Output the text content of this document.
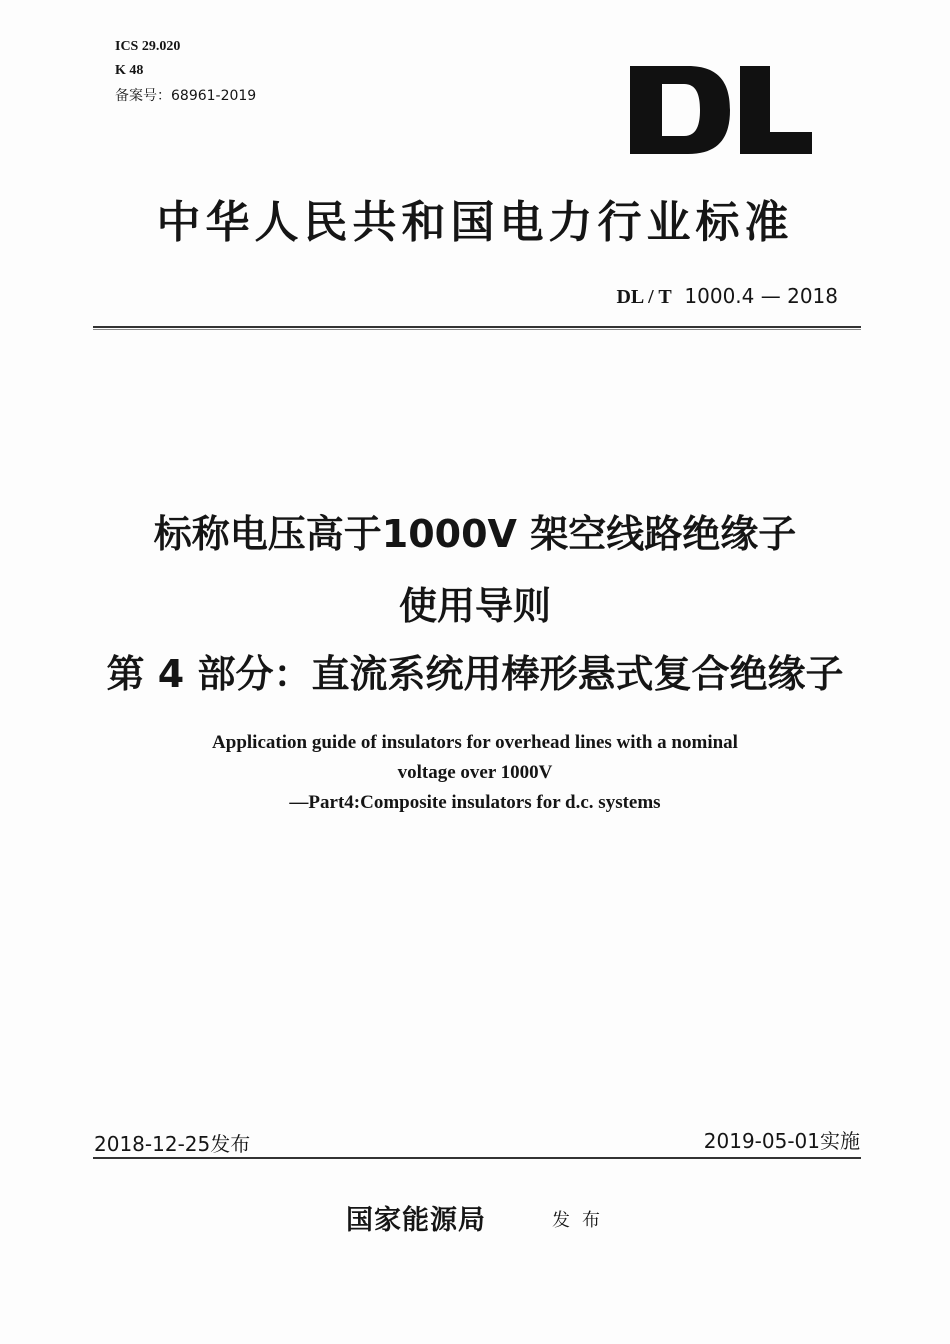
ICS 29.020
K 48
备案号：68961-2019
中华人民共和国电力行业标准
DL / T 1000.4 — 2018
标称电压高于1000V 架空线路绝缘子
使用导则
第 4 部分：直流系统用棒形悬式复合绝缘子
Application guide of insulators for overhead lines with a nominal
voltage over 1000V
—Part4:Composite insulators for d.c. systems
2018-12-25发布	2019-05-01实施
国家能源局	发布
